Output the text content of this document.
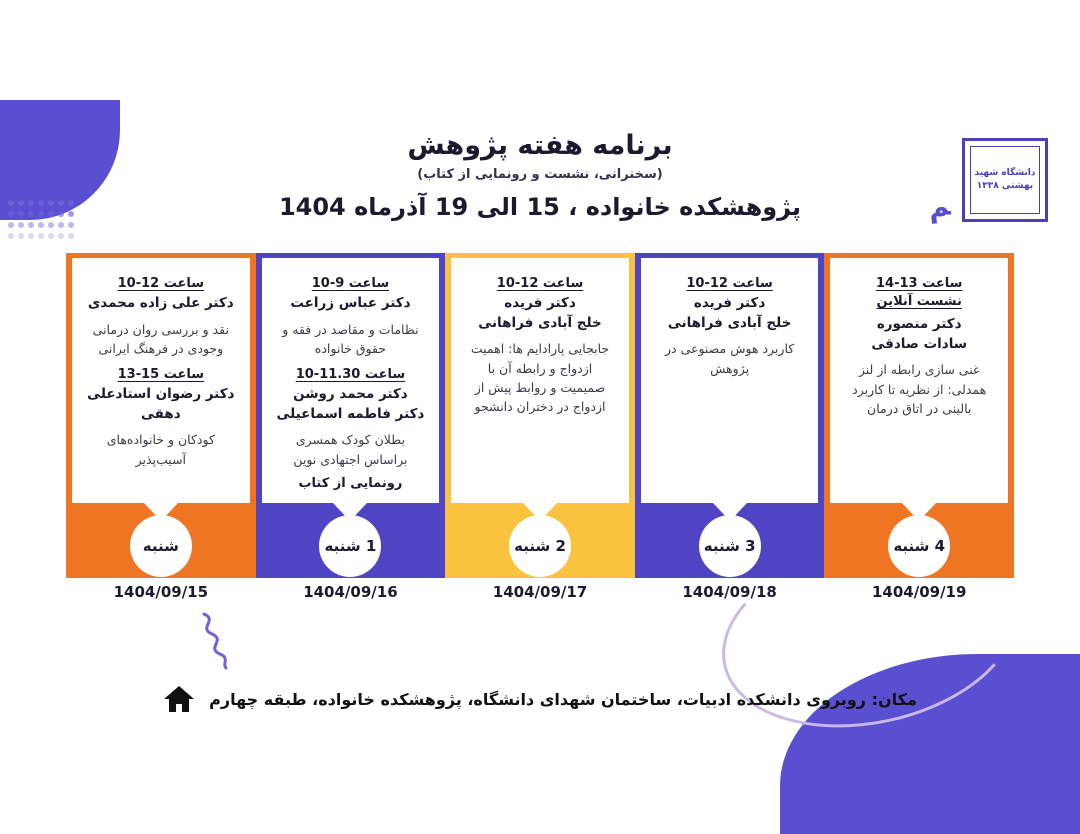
برنامه هفته پژوهش
(سخنرانی، نشست و رونمایی از کتاب)
پژوهشکده خانواده ، 15 الی 19 آذرماه 1404
دانشگاه شهید بهشتی ۱۳۳۸
ﻢ
ساعت 13-14
نشست آنلاین
دکتر منصوره
سادات صادقی
غنی سازی رابطه از لنز همدلی: از نظریه تا کاربرد بالینی در اتاق درمان
4 شنبه
1404/09/19
ساعت 12-10
دکتر فریده
خلج آبادی فراهانی
کاربرد هوش مصنوعی در پژوهش
3 شنبه
1404/09/18
ساعت 12-10
دکتر فریده
خلج آبادی فراهانی
جابجایی پارادایم ها: اهمیت ازدواج و رابطه آن با صمیمیت و روابط پیش از ازدواج در دختران دانشجو
2 شنبه
1404/09/17
ساعت 9-10
دکتر عباس زراعت
نظامات و مقاصد در فقه و حقوق خانواده
ساعت 11.30-10
دکتر محمد روشن
دکتر فاطمه اسماعیلی
بطلان کودک همسری براساس اجتهادی نوین
رونمایی از کتاب
1 شنبه
1404/09/16
ساعت 12-10
دکتر علی زاده محمدی
نقد و بررسی روان درمانی وجودی در فرهنگ ایرانی
ساعت 15-13
دکتر رضوان استادعلی دهقی
کودکان و خانواده‌های آسیب‌پذیر
شنبه
1404/09/15
مکان: روبروی دانشکده ادبیات، ساختمان شهدای دانشگاه، پژوهشکده خانواده، طبقه چهارم
